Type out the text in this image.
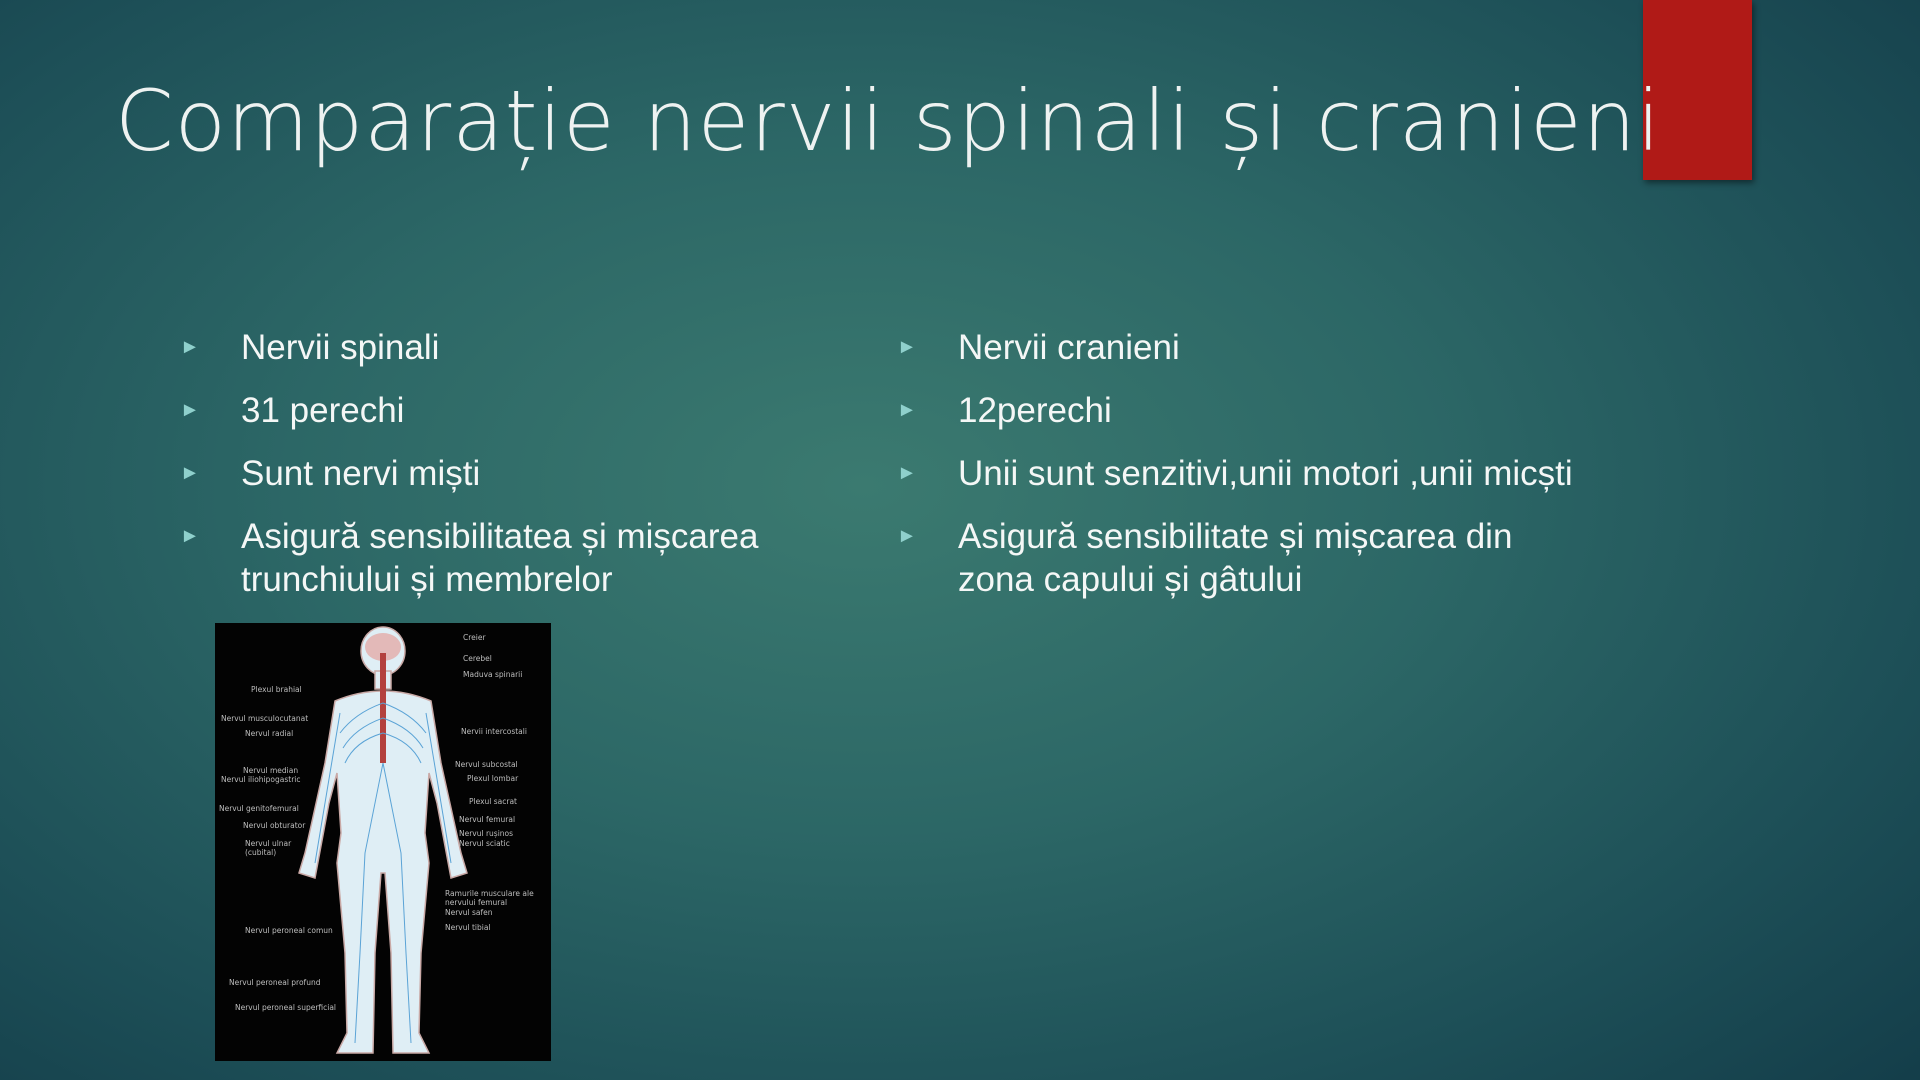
Comparație nervii spinali și cranieni
► Nervii spinali
► 31 perechi
► Sunt nervi miști
► Asigură sensibilitatea și mișcarea trunchiului și membrelor
► Nervii cranieni
► 12perechi
► Unii sunt senzitivi,unii motori ,unii micști
► Asigură sensibilitate și mișcarea din zona capului și gâtului
Creier
Cerebel
Maduva spinarii
Plexul brahial
Nervul musculocutanat
Nervul radial	Nervii intercostali
Nervul subcostal
Nervul median
Nervul iliohipogastric	Plexul lombar
Plexul sacrat
Nervul genitofemural
Nervul obturator
Nervul femural
Nervul rușinos
Nervul sciatic
Nervul ulnar (cubital)
Ramurile musculare ale nervului femural
Nervul safen
Nervul tibial
Nervul peroneal comun
Nervul peroneal profund
Nervul peroneal superficial
